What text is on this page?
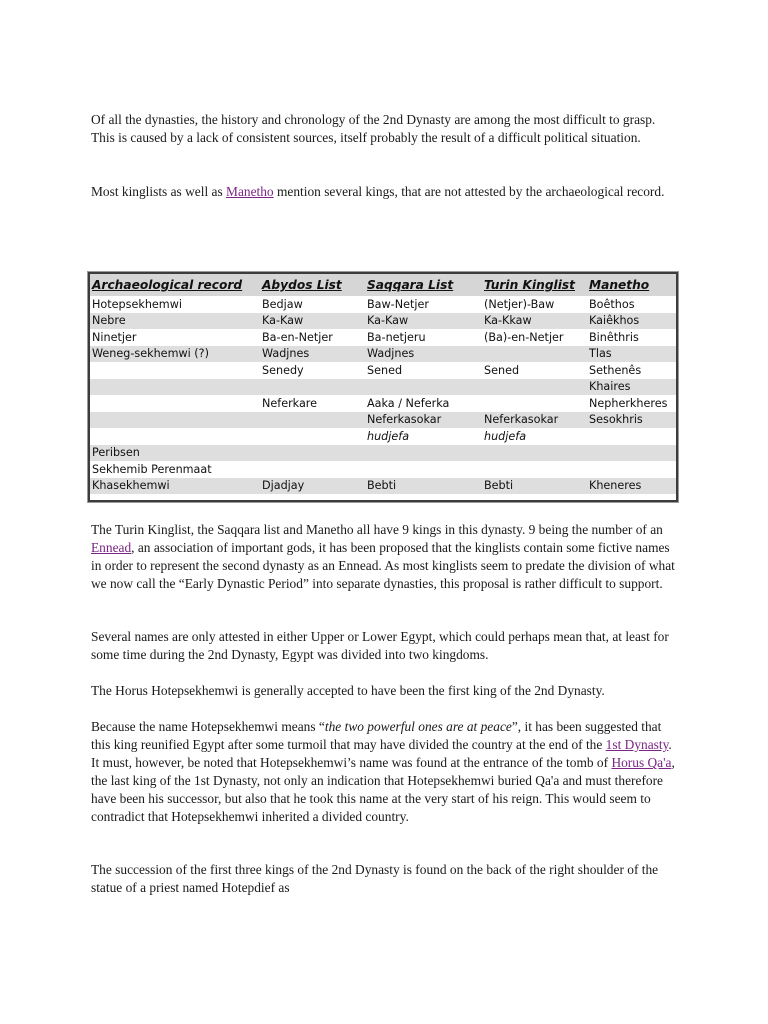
Of all the dynasties, the history and chronology of the 2nd Dynasty are among the most difficult to grasp. This is caused by a lack of consistent sources, itself probably the result of a difficult political situation.

Most kinglists as well as Manetho mention several kings, that are not attested by the archaeological record.

Archaeological record	Abydos List	Saqqara List	Turin Kinglist	Manetho
Hotepsekhemwi	Bedjaw	Baw-Netjer	(Netjer)-Baw	Boêthos
Nebre	Ka-Kaw	Ka-Kaw	Ka-Kkaw	Kaiêkhos
Ninetjer	Ba-en-Netjer	Ba-netjeru	(Ba)-en-Netjer	Binêthris
Weneg-sekhemwi (?)	Wadjnes	Wadjnes		Tlas
	Senedy	Sened	Sened	Sethenês
				Khaires
	Neferkare	Aaka / Neferka		Nepherkheres
		Neferkasokar	Neferkasokar	Sesokhris
		hudjefa	hudjefa	
Peribsen				
Sekhemib Perenmaat				
Khasekhemwi	Djadjay	Bebti	Bebti	Kheneres

The Turin Kinglist, the Saqqara list and Manetho all have 9 kings in this dynasty. 9 being the number of an Ennead, an association of important gods, it has been proposed that the kinglists contain some fictive names in order to represent the second dynasty as an Ennead. As most kinglists seem to predate the division of what we now call the “Early Dynastic Period” into separate dynasties, this proposal is rather difficult to support.

Several names are only attested in either Upper or Lower Egypt, which could perhaps mean that, at least for some time during the 2nd Dynasty, Egypt was divided into two kingdoms.

The Horus Hotepsekhemwi is generally accepted to have been the first king of the 2nd Dynasty.

Because the name Hotepsekhemwi means “the two powerful ones are at peace”, it has been suggested that this king reunified Egypt after some turmoil that may have divided the country at the end of the 1st Dynasty. It must, however, be noted that Hotepsekhemwi’s name was found at the entrance of the tomb of Horus Qa'a, the last king of the 1st Dynasty, not only an indication that Hotepsekhemwi buried Qa'a and must therefore have been his successor, but also that he took this name at the very start of his reign. This would seem to contradict that Hotepsekhemwi inherited a divided country.

The succession of the first three kings of the 2nd Dynasty is found on the back of the right shoulder of the statue of a priest named Hotepdief as
